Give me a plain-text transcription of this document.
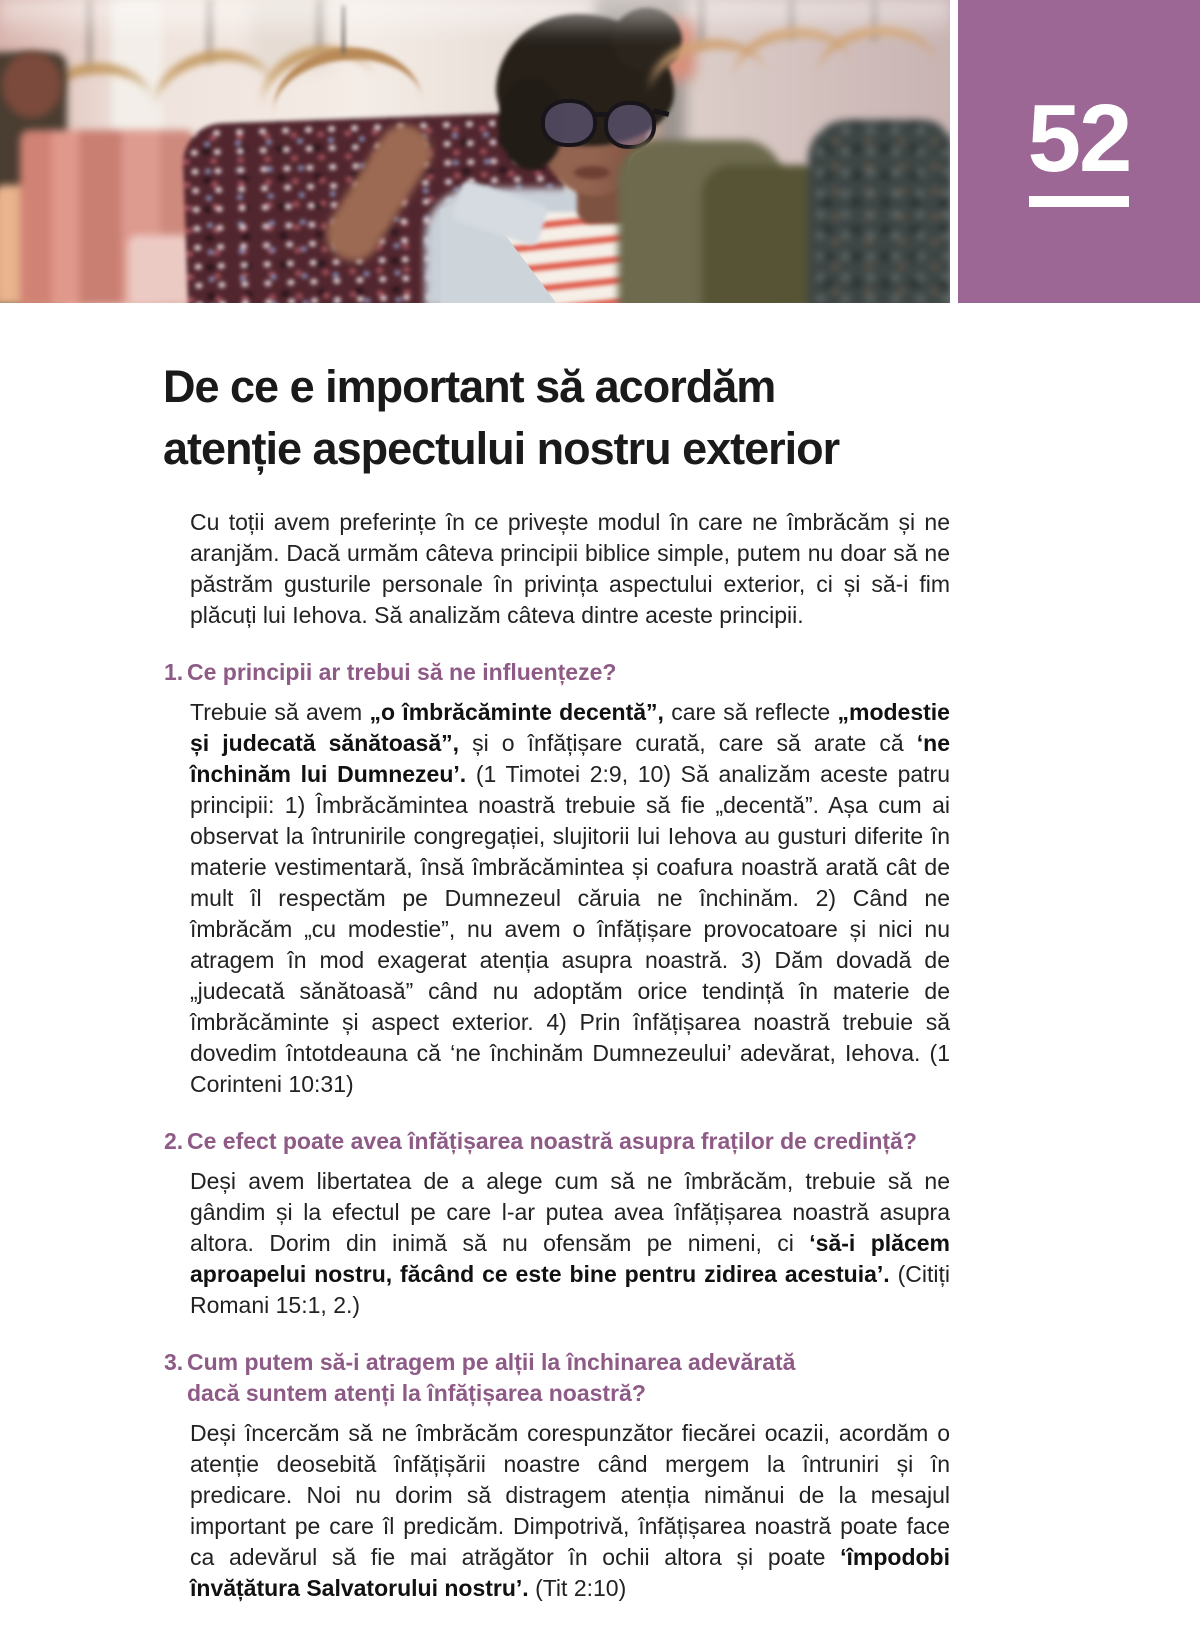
52
De ce e important să acordăm
atenție aspectului nostru exterior

Cu toții avem preferințe în ce privește modul în care ne îmbrăcăm și ne aranjăm. Dacă urmăm câteva principii biblice simple, putem nu doar să ne păstrăm gusturile personale în privința aspectului exterior, ci și să-i fim plăcuți lui Iehova. Să analizăm câteva dintre aceste principii.

1. Ce principii ar trebui să ne influențeze?

Trebuie să avem „o îmbrăcăminte decentă”, care să reflecte „modestie și judecată sănătoasă”, și o înfățișare curată, care să arate că ‘ne închinăm lui Dumnezeu’. (1 Timotei 2:9, 10) Să analizăm aceste patru principii: 1) Îmbrăcămintea noastră trebuie să fie „decentă”. Așa cum ai observat la întrunirile congregației, slujitorii lui Iehova au gusturi diferite în materie vestimentară, însă îmbrăcămintea și coafura noastră arată cât de mult îl respectăm pe Dumnezeul căruia ne închinăm. 2) Când ne îmbrăcăm „cu modestie”, nu avem o înfățișare provocatoare și nici nu atragem în mod exagerat atenția asupra noastră. 3) Dăm dovadă de „judecată sănătoasă” când nu adoptăm orice tendință în materie de îmbrăcăminte și aspect exterior. 4) Prin înfățișarea noastră trebuie să dovedim întotdeauna că ‘ne închinăm Dumnezeului’ adevărat, Iehova. (1 Corinteni 10:31)

2. Ce efect poate avea înfățișarea noastră asupra fraților de credință?

Deși avem libertatea de a alege cum să ne îmbrăcăm, trebuie să ne gândim și la efectul pe care l-ar putea avea înfățișarea noastră asupra altora. Dorim din inimă să nu ofensăm pe nimeni, ci ‘să-i plăcem aproapelui nostru, făcând ce este bine pentru zidirea acestuia’. (Citiți Romani 15:1, 2.)

3. Cum putem să-i atragem pe alții la închinarea adevărată
dacă suntem atenți la înfățișarea noastră?

Deși încercăm să ne îmbrăcăm corespunzător fiecărei ocazii, acordăm o atenție deosebită înfățișării noastre când mergem la întruniri și în predicare. Noi nu dorim să distragem atenția nimănui de la mesajul important pe care îl predicăm. Dimpotrivă, înfățișarea noastră poate face ca adevărul să fie mai atrăgător în ochii altora și poate ‘împodobi învățătura Salvatorului nostru’. (Tit 2:10)
